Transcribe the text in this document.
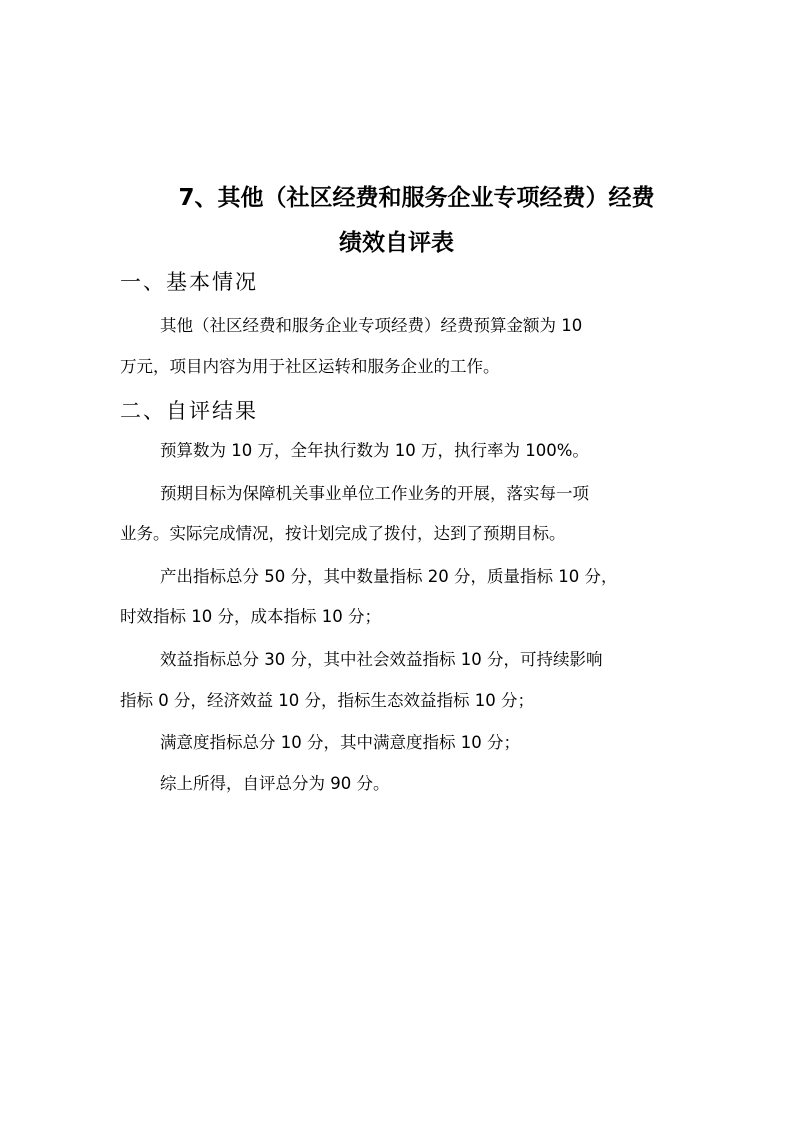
7、其他（社区经费和服务企业专项经费）经费
绩效自评表
一、基本情况
其他（社区经费和服务企业专项经费）经费预算金额为 10
万元，项目内容为用于社区运转和服务企业的工作。
二、自评结果
预算数为 10 万，全年执行数为 10 万，执行率为 100%。
预期目标为保障机关事业单位工作业务的开展，落实每一项
业务。实际完成情况，按计划完成了拨付，达到了预期目标。
产出指标总分 50 分，其中数量指标 20 分，质量指标 10 分，
时效指标 10 分，成本指标 10 分；
效益指标总分 30 分，其中社会效益指标 10 分，可持续影响
指标 0 分，经济效益 10 分，指标生态效益指标 10 分；
满意度指标总分 10 分，其中满意度指标 10 分；
综上所得，自评总分为 90 分。
